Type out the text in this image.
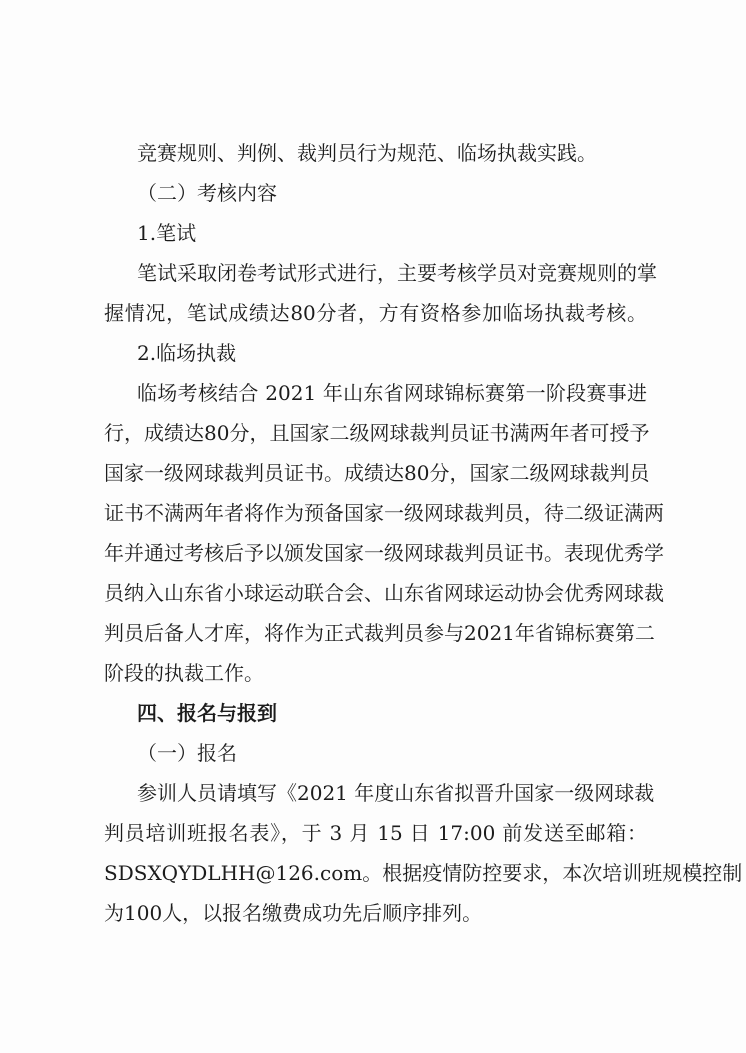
竞赛规则、判例、裁判员行为规范、临场执裁实践。
（二）考核内容
1.笔试
笔试采取闭卷考试形式进行，主要考核学员对竞赛规则的掌
握情况，笔试成绩达80分者，方有资格参加临场执裁考核。
2.临场执裁
临场考核结合 2021 年山东省网球锦标赛第一阶段赛事进
行，成绩达80分，且国家二级网球裁判员证书满两年者可授予
国家一级网球裁判员证书。成绩达80分，国家二级网球裁判员
证书不满两年者将作为预备国家一级网球裁判员，待二级证满两
年并通过考核后予以颁发国家一级网球裁判员证书。表现优秀学
员纳入山东省小球运动联合会、山东省网球运动协会优秀网球裁
判员后备人才库，将作为正式裁判员参与2021年省锦标赛第二
阶段的执裁工作。
四、报名与报到
（一）报名
参训人员请填写《2021 年度山东省拟晋升国家一级网球裁
判员培训班报名表》，于 3 月 15 日 17:00 前发送至邮箱：
SDSXQYDLHH@126.com。根据疫情防控要求，本次培训班规模控制
为100人，以报名缴费成功先后顺序排列。
